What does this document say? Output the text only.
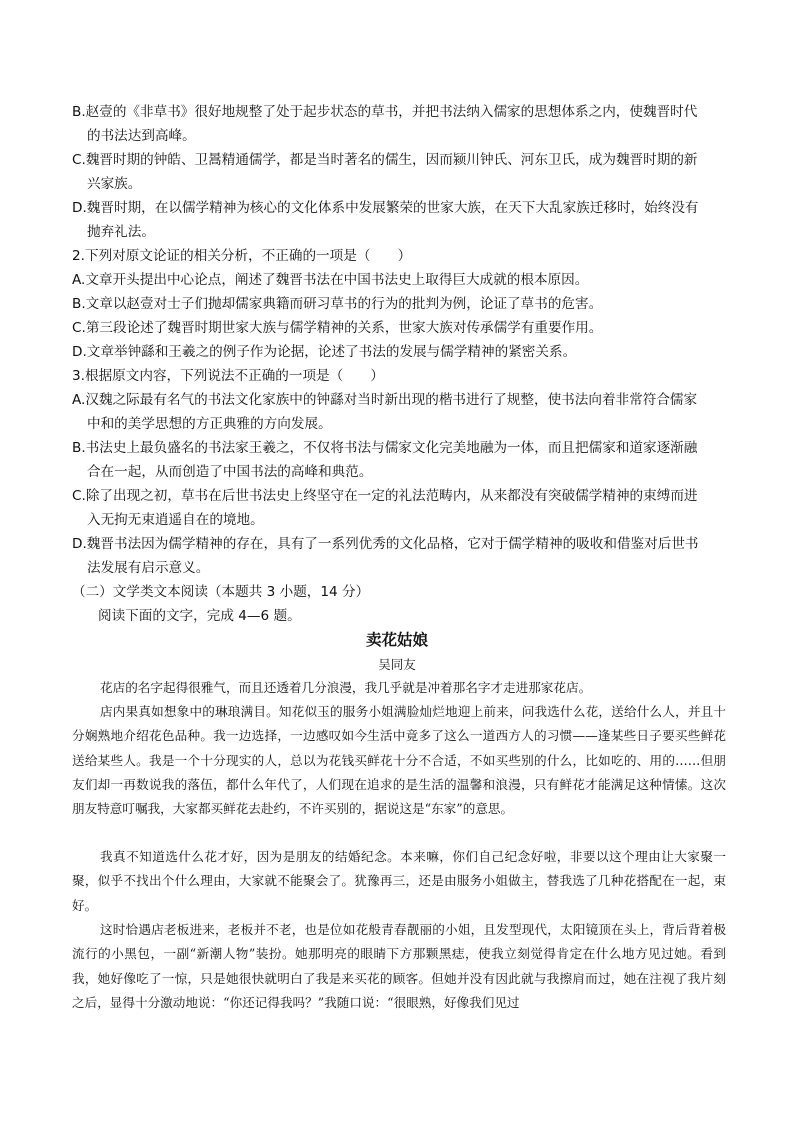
B.赵壹的《非草书》很好地规整了处于起步状态的草书，并把书法纳入儒家的思想体系之内，使魏晋时代
的书法达到高峰。
C.魏晋时期的钟皓、卫暠精通儒学，都是当时著名的儒生，因而颍川钟氏、河东卫氏，成为魏晋时期的新
兴家族。
D.魏晋时期，在以儒学精神为核心的文化体系中发展繁荣的世家大族，在天下大乱家族迁移时，始终没有
抛弃礼法。
2.下列对原文论证的相关分析，不正确的一项是（　　）
A.文章开头提出中心论点，阐述了魏晋书法在中国书法史上取得巨大成就的根本原因。
B.文章以赵壹对士子们抛却儒家典籍而研习草书的行为的批判为例，论证了草书的危害。
C.第三段论述了魏晋时期世家大族与儒学精神的关系，世家大族对传承儒学有重要作用。
D.文章举钟繇和王羲之的例子作为论据，论述了书法的发展与儒学精神的紧密关系。
3.根据原文内容，下列说法不正确的一项是（　　）
A.汉魏之际最有名气的书法文化家族中的钟繇对当时新出现的楷书进行了规整，使书法向着非常符合儒家
中和的美学思想的方正典雅的方向发展。
B.书法史上最负盛名的书法家王羲之，不仅将书法与儒家文化完美地融为一体，而且把儒家和道家逐渐融
合在一起，从而创造了中国书法的高峰和典范。
C.除了出现之初，草书在后世书法史上终坚守在一定的礼法范畴内，从来都没有突破儒学精神的束缚而进
入无拘无束逍遥自在的境地。
D.魏晋书法因为儒学精神的存在，具有了一系列优秀的文化品格，它对于儒学精神的吸收和借鉴对后世书
法发展有启示意义。
（二）文学类文本阅读（本题共 3 小题，14 分）
阅读下面的文字，完成 4—6 题。
卖花姑娘
吴同友
花店的名字起得很雅气，而且还透着几分浪漫，我几乎就是冲着那名字才走进那家花店。
店内果真如想象中的琳琅满目。知花似玉的服务小姐满脸灿烂地迎上前来，问我选什么花，送给什么人，并且十分娴熟地介绍花色品种。我一边选择，一边感叹如今生活中竟多了这么一道西方人的习惯——逢某些日子要买些鲜花送给某些人。我是一个十分现实的人，总以为花钱买鲜花十分不合适，不如买些别的什么，比如吃的、用的……但朋友们却一再数说我的落伍，都什么年代了，人们现在追求的是生活的温馨和浪漫，只有鲜花才能满足这种情愫。这次朋友特意叮嘱我，大家都买鲜花去赴约，不许买别的，据说这是“东家”的意思。
我真不知道选什么花才好，因为是朋友的结婚纪念。本来嘛，你们自己纪念好啦，非要以这个理由让大家聚一聚，似乎不找出个什么理由，大家就不能聚会了。犹豫再三，还是由服务小姐做主，替我选了几种花搭配在一起，束好。
这时恰遇店老板进来，老板并不老，也是位如花般青春靓丽的小姐，且发型现代，太阳镜顶在头上，背后背着极流行的小黑包，一副“新潮人物”装扮。她那明亮的眼睛下方那颗黑痣，使我立刻觉得肯定在什么地方见过她。看到我，她好像吃了一惊，只是她很快就明白了我是来买花的顾客。但她并没有因此就与我擦肩而过，她在注视了我片刻之后，显得十分激动地说：“你还记得我吗？”我随口说：“很眼熟，好像我们见过
